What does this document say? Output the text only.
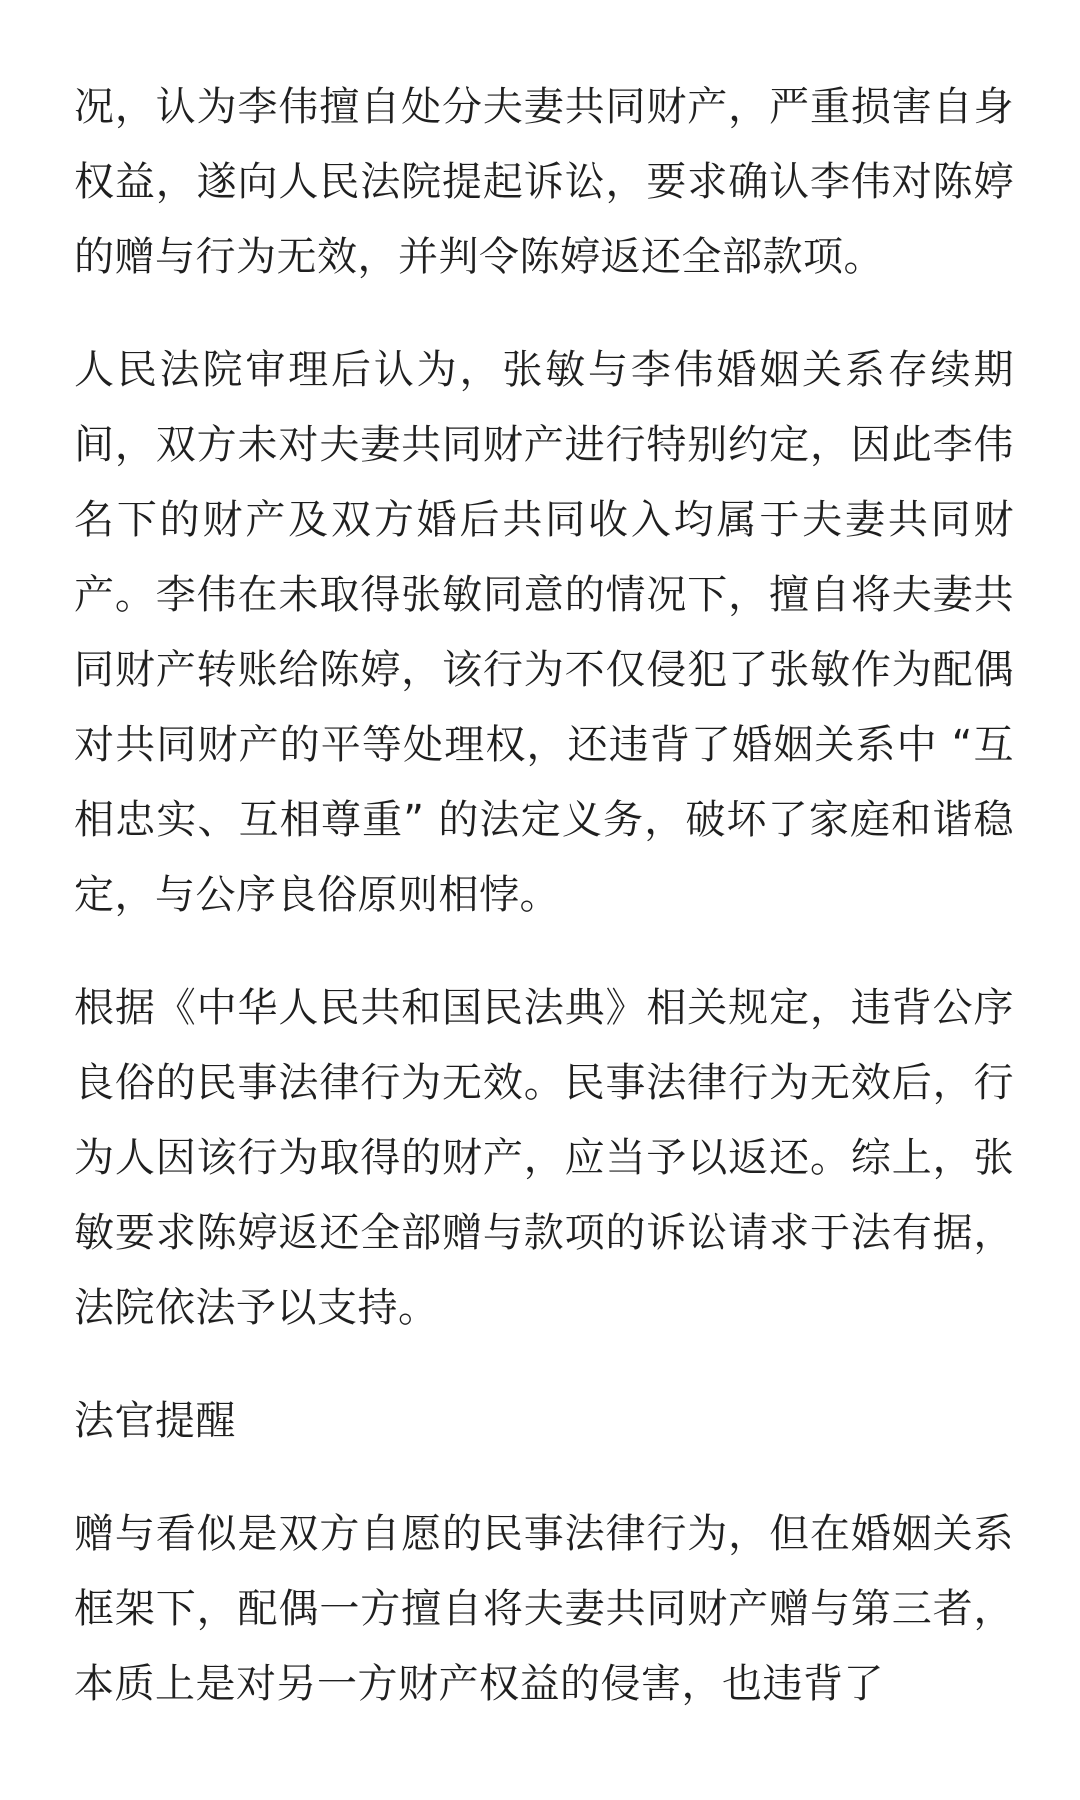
况，认为李伟擅自处分夫妻共同财产，严重损害自身权益，遂向人民法院提起诉讼，要求确认李伟对陈婷的赠与行为无效，并判令陈婷返还全部款项。

人民法院审理后认为，张敏与李伟婚姻关系存续期间，双方未对夫妻共同财产进行特别约定，因此李伟名下的财产及双方婚后共同收入均属于夫妻共同财产。李伟在未取得张敏同意的情况下，擅自将夫妻共同财产转账给陈婷，该行为不仅侵犯了张敏作为配偶对共同财产的平等处理权，还违背了婚姻关系中 “互相忠实、互相尊重” 的法定义务，破坏了家庭和谐稳定，与公序良俗原则相悖。

根据《中华人民共和国民法典》相关规定，违背公序良俗的民事法律行为无效。民事法律行为无效后，行为人因该行为取得的财产，应当予以返还。综上，张敏要求陈婷返还全部赠与款项的诉讼请求于法有据，法院依法予以支持。

法官提醒

赠与看似是双方自愿的民事法律行为，但在婚姻关系框架下，配偶一方擅自将夫妻共同财产赠与第三者，本质上是对另一方财产权益的侵害，也违背了
